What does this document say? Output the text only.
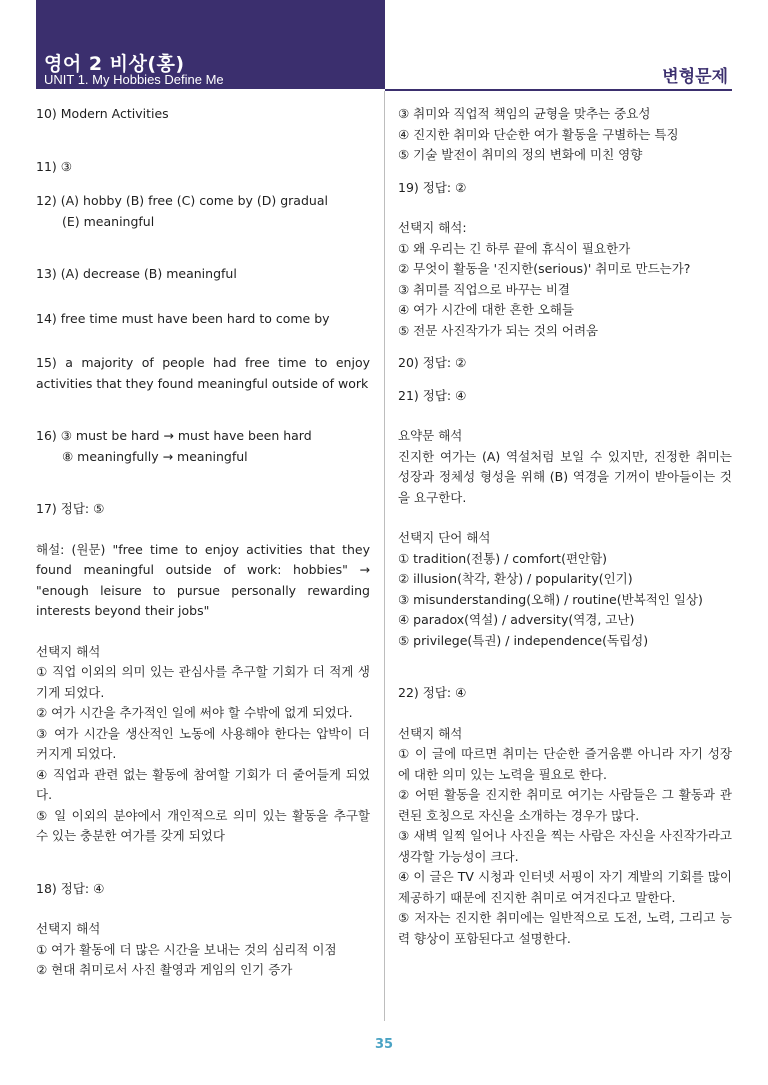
영어 2 비상(홍)
UNIT 1. My Hobbies Define Me	변형문제

10) Modern Activities

11) ③

12) (A) hobby (B) free (C) come by (D) gradual

(E) meaningful

13) (A) decrease (B) meaningful

14) free time must have been hard to come by

15) a majority of people had free time to enjoy activities that they found meaningful outside of work

16) ③ must be hard → must have been hard

⑧ meaningfully → meaningful

17) 정답: ⑤

해설: (원문) "free time to enjoy activities that they found meaningful outside of work: hobbies" → "enough leisure to pursue personally rewarding interests beyond their jobs"

선택지 해석

① 직업 이외의 의미 있는 관심사를 추구할 기회가 더 적게 생기게 되었다.

② 여가 시간을 추가적인 일에 써야 할 수밖에 없게 되었다.

③ 여가 시간을 생산적인 노동에 사용해야 한다는 압박이 더 커지게 되었다.

④ 직업과 관련 없는 활동에 참여할 기회가 더 줄어들게 되었다.

⑤ 일 이외의 분야에서 개인적으로 의미 있는 활동을 추구할 수 있는 충분한 여가를 갖게 되었다

18) 정답: ④

선택지 해석

① 여가 활동에 더 많은 시간을 보내는 것의 심리적 이점

② 현대 취미로서 사진 촬영과 게임의 인기 증가

③ 취미와 직업적 책임의 균형을 맞추는 중요성

④ 진지한 취미와 단순한 여가 활동을 구별하는 특징

⑤ 기술 발전이 취미의 정의 변화에 미친 영향

19) 정답: ②

선택지 해석:

① 왜 우리는 긴 하루 끝에 휴식이 필요한가

② 무엇이 활동을 '진지한(serious)' 취미로 만드는가?

③ 취미를 직업으로 바꾸는 비결

④ 여가 시간에 대한 흔한 오해들

⑤ 전문 사진작가가 되는 것의 어려움

20) 정답: ②

21) 정답: ④

요약문 해석

진지한 여가는 (A) 역설처럼 보일 수 있지만, 진정한 취미는 성장과 정체성 형성을 위해 (B) 역경을 기꺼이 받아들이는 것을 요구한다.

선택지 단어 해석

① tradition(전통) / comfort(편안함)

② illusion(착각, 환상) / popularity(인기)

③ misunderstanding(오해) / routine(반복적인 일상)

④ paradox(역설) / adversity(역경, 고난)

⑤ privilege(특권) / independence(독립성)

22) 정답: ④

선택지 해석

① 이 글에 따르면 취미는 단순한 즐거움뿐 아니라 자기 성장에 대한 의미 있는 노력을 필요로 한다.

② 어떤 활동을 진지한 취미로 여기는 사람들은 그 활동과 관련된 호칭으로 자신을 소개하는 경우가 많다.

③ 새벽 일찍 일어나 사진을 찍는 사람은 자신을 사진작가라고 생각할 가능성이 크다.

④ 이 글은 TV 시청과 인터넷 서핑이 자기 계발의 기회를 많이 제공하기 때문에 진지한 취미로 여겨진다고 말한다.

⑤ 저자는 진지한 취미에는 일반적으로 도전, 노력, 그리고 능력 향상이 포함된다고 설명한다.

35
